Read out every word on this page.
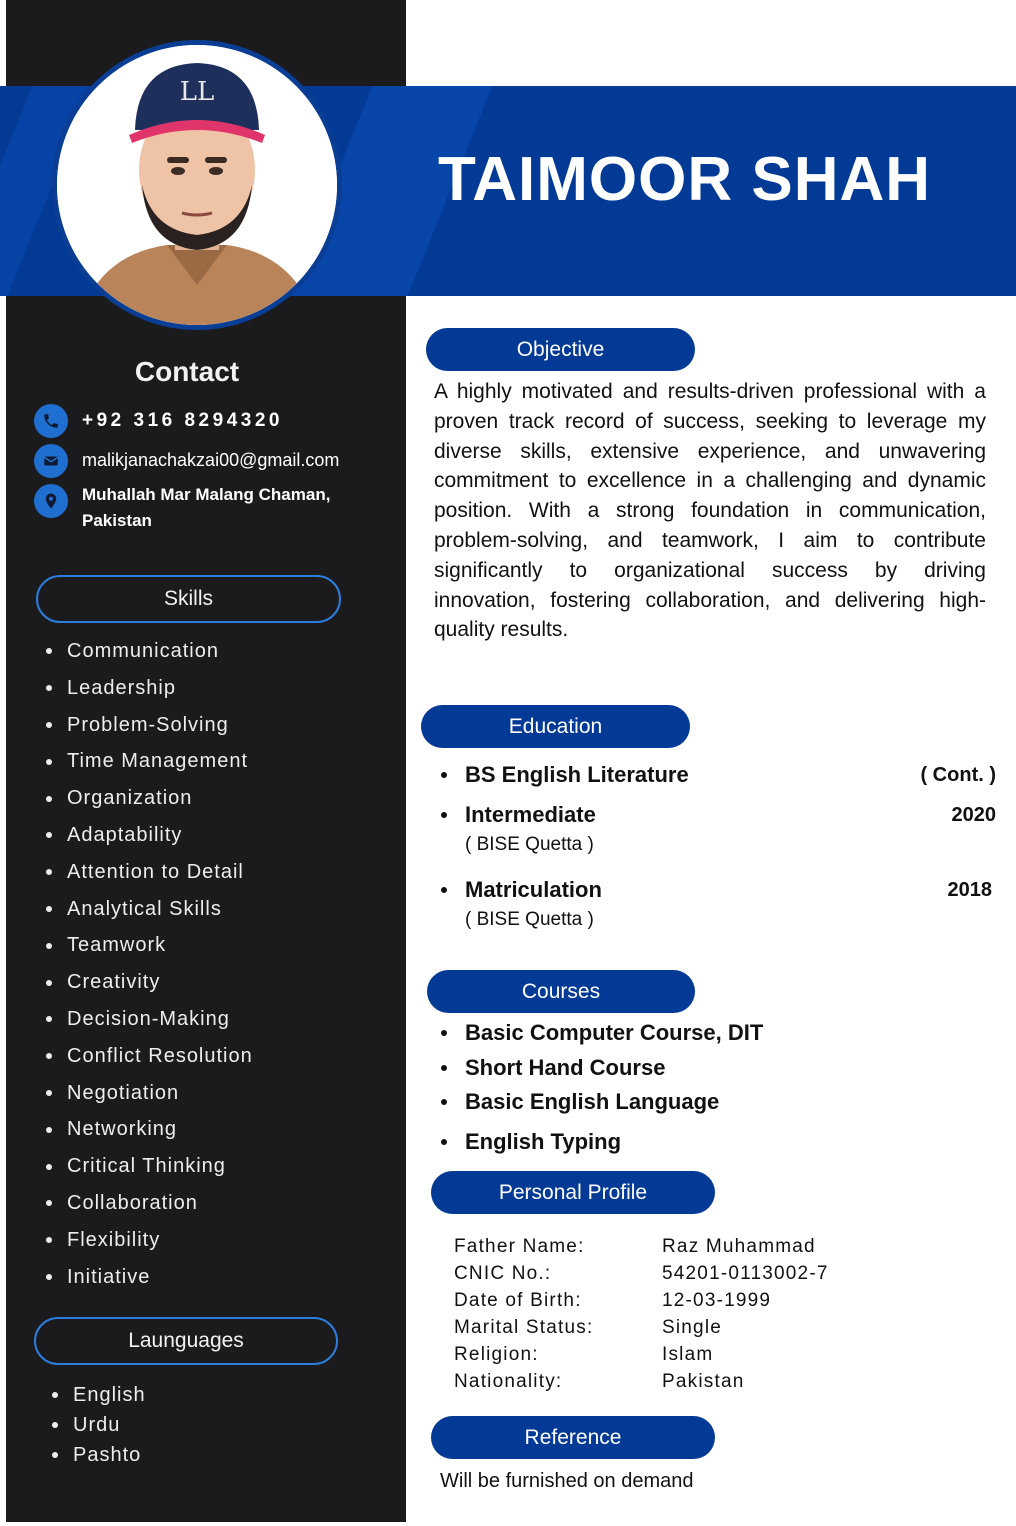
LL
TAIMOOR SHAH
Contact
+92 316 8294320
malikjanachakzai00@gmail.com
Muhallah Mar Malang Chaman,
Pakistan
Skills
Communication
Leadership
Problem-Solving
Time Management
Organization
Adaptability
Attention to Detail
Analytical Skills
Teamwork
Creativity
Decision-Making
Conflict Resolution
Negotiation
Networking
Critical Thinking
Collaboration
Flexibility
Initiative
Launguages
English
Urdu
Pashto
Objective

A highly motivated and results-driven professional with a proven track record of success, seeking to leverage my diverse skills, extensive experience, and unwavering commitment to excellence in a challenging and dynamic position. With a strong foundation in communication, problem-solving, and teamwork, I aim to contribute significantly to organizational success by driving innovation, fostering collaboration, and delivering high-quality results.

Education
BS English Literature	( Cont. )
Intermediate	2020
( BISE Quetta )
Matriculation	2018
( BISE Quetta )
Courses
Basic Computer Course, DIT
Short Hand Course
Basic English Language
English Typing
Personal Profile
Father Name:	Raz Muhammad
CNIC No.:	54201-0113002-7
Date of Birth:	12-03-1999
Marital Status:	Single
Religion:	Islam
Nationality:	Pakistan
Reference

Will be furnished on demand
